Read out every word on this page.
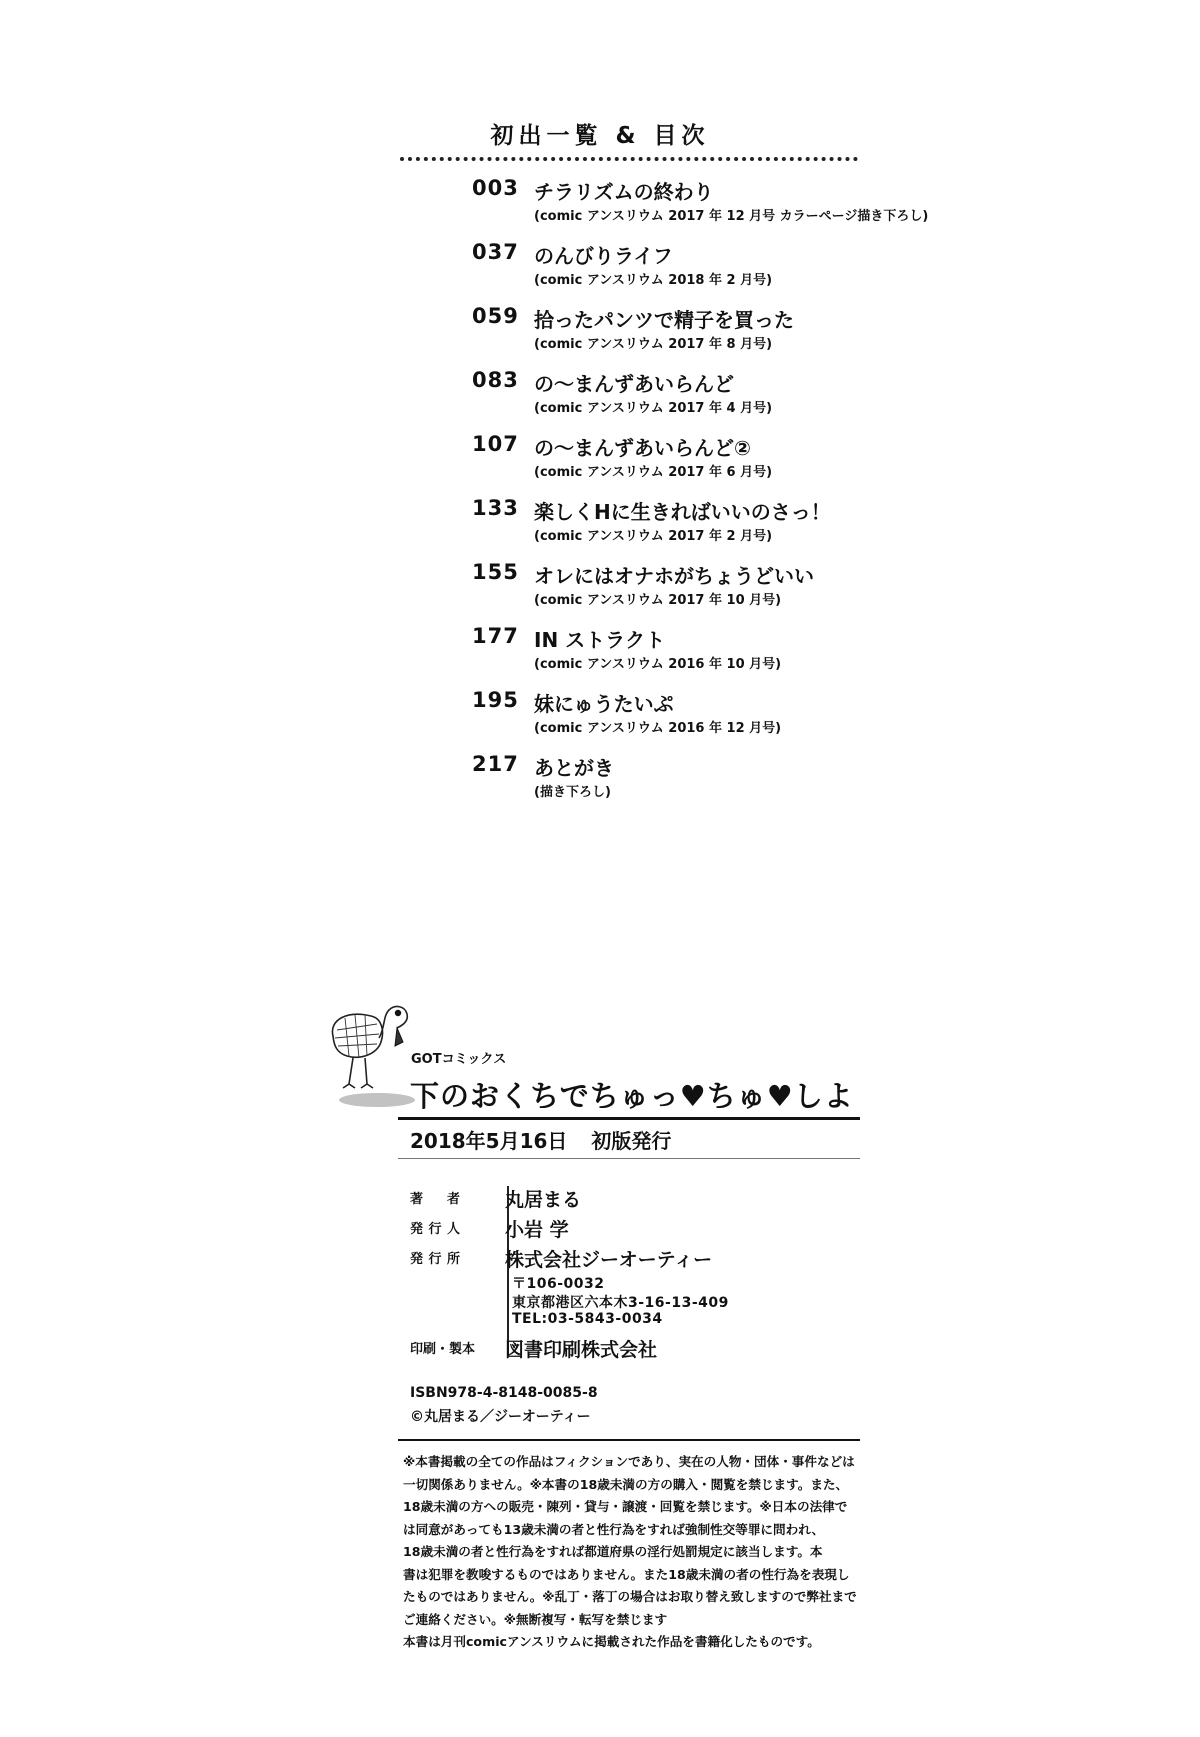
初出一覧 & 目次
003 チラリズムの終わり
(comic アンスリウム 2017 年 12 月号 カラーページ描き下ろし)
037 のんびりライフ
(comic アンスリウム 2018 年 2 月号)
059 拾ったパンツで精子を買った
(comic アンスリウム 2017 年 8 月号)
083 の〜まんずあいらんど
(comic アンスリウム 2017 年 4 月号)
107 の〜まんずあいらんど②
(comic アンスリウム 2017 年 6 月号)
133 楽しくHに生きればいいのさっ！
(comic アンスリウム 2017 年 2 月号)
155 オレにはオナホがちょうどいい
(comic アンスリウム 2017 年 10 月号)
177 IN ストラクト
(comic アンスリウム 2016 年 10 月号)
195 妹にゅうたいぷ
(comic アンスリウム 2016 年 12 月号)
217 あとがき
(描き下ろし)
GOTコミックス
下のおくちでちゅっ♥ちゅ♥しよ
2018年5月16日 初版発行
著 者 丸居まる
発 行 人 小岩 学
発 行 所 株式会社ジーオーティー
〒106-0032
東京都港区六本木3-16-13-409
TEL:03-5843-0034
印刷・製本 図書印刷株式会社
ISBN978-4-8148-0085-8
©丸居まる／ジーオーティー
※本書掲載の全ての作品はフィクションであり、実在の人物・団体・事件などは
一切関係ありません。※本書の18歳未満の方の購入・閲覧を禁じます。また、
18歳未満の方への販売・陳列・貸与・譲渡・回覧を禁じます。※日本の法律で
は同意があっても13歳未満の者と性行為をすれば強制性交等罪に問われ、
18歳未満の者と性行為をすれば都道府県の淫行処罰規定に該当します。本
書は犯罪を教唆するものではありません。また18歳未満の者の性行為を表現し
たものではありません。※乱丁・落丁の場合はお取り替え致しますので弊社まで
ご連絡ください。※無断複写・転写を禁じます
本書は月刊comicアンスリウムに掲載された作品を書籍化したものです。
